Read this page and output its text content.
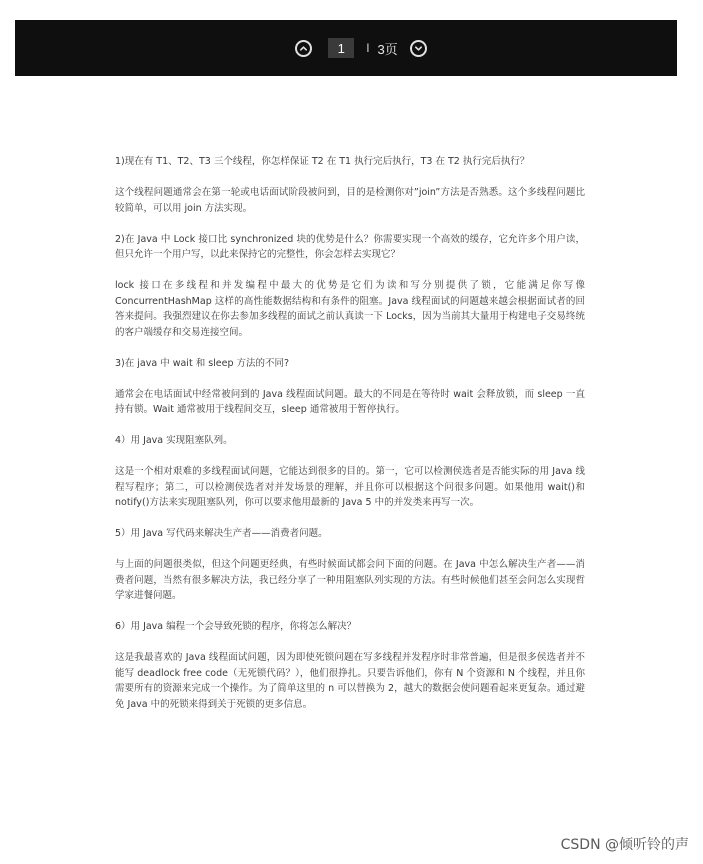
1	I 3页

1)现在有 T1、T2、T3 三个线程，你怎样保证 T2 在 T1 执行完后执行，T3 在 T2 执行完后执行？

这个线程问题通常会在第一轮或电话面试阶段被问到，目的是检测你对”join”方法是否熟悉。这个多线程问题比较简单，可以用 join 方法实现。

2)在 Java 中 Lock 接口比 synchronized 块的优势是什么？你需要实现一个高效的缓存，它允许多个用户读，但只允许一个用户写，以此来保持它的完整性，你会怎样去实现它？

lock 接口在多线程和并发编程中最大的优势是它们为读和写分别提供了锁，它能满足你写像 ConcurrentHashMap 这样的高性能数据结构和有条件的阻塞。Java 线程面试的问题越来越会根据面试者的回答来提问。我强烈建议在你去参加多线程的面试之前认真读一下 Locks，因为当前其大量用于构建电子交易终统的客户端缓存和交易连接空间。

3)在 java 中 wait 和 sleep 方法的不同?

通常会在电话面试中经常被问到的 Java 线程面试问题。最大的不同是在等待时 wait 会释放锁，而 sleep 一直持有锁。Wait 通常被用于线程间交互，sleep 通常被用于暂停执行。

4）用 Java 实现阻塞队列。

这是一个相对艰难的多线程面试问题，它能达到很多的目的。第一，它可以检测侯选者是否能实际的用 Java 线程写程序；第二，可以检测侯选者对并发场景的理解，并且你可以根据这个问很多问题。如果他用 wait()和 notify()方法来实现阻塞队列，你可以要求他用最新的 Java 5 中的并发类来再写一次。

5）用 Java 写代码来解决生产者——消费者问题。

与上面的问题很类似，但这个问题更经典，有些时候面试都会问下面的问题。在 Java 中怎么解决生产者——消费者问题，当然有很多解决方法，我已经分享了一种用阻塞队列实现的方法。有些时候他们甚至会问怎么实现哲学家进餐问题。

6）用 Java 编程一个会导致死锁的程序，你将怎么解决？

这是我最喜欢的 Java 线程面试问题，因为即使死锁问题在写多线程并发程序时非常普遍，但是很多侯选者并不能写 deadlock free code（无死锁代码？），他们很挣扎。只要告诉他们，你有 N 个资源和 N 个线程，并且你需要所有的资源来完成一个操作。为了简单这里的 n 可以替换为 2，越大的数据会使问题看起来更复杂。通过避免 Java 中的死锁来得到关于死锁的更多信息。

CSDN @倾听铃的声
